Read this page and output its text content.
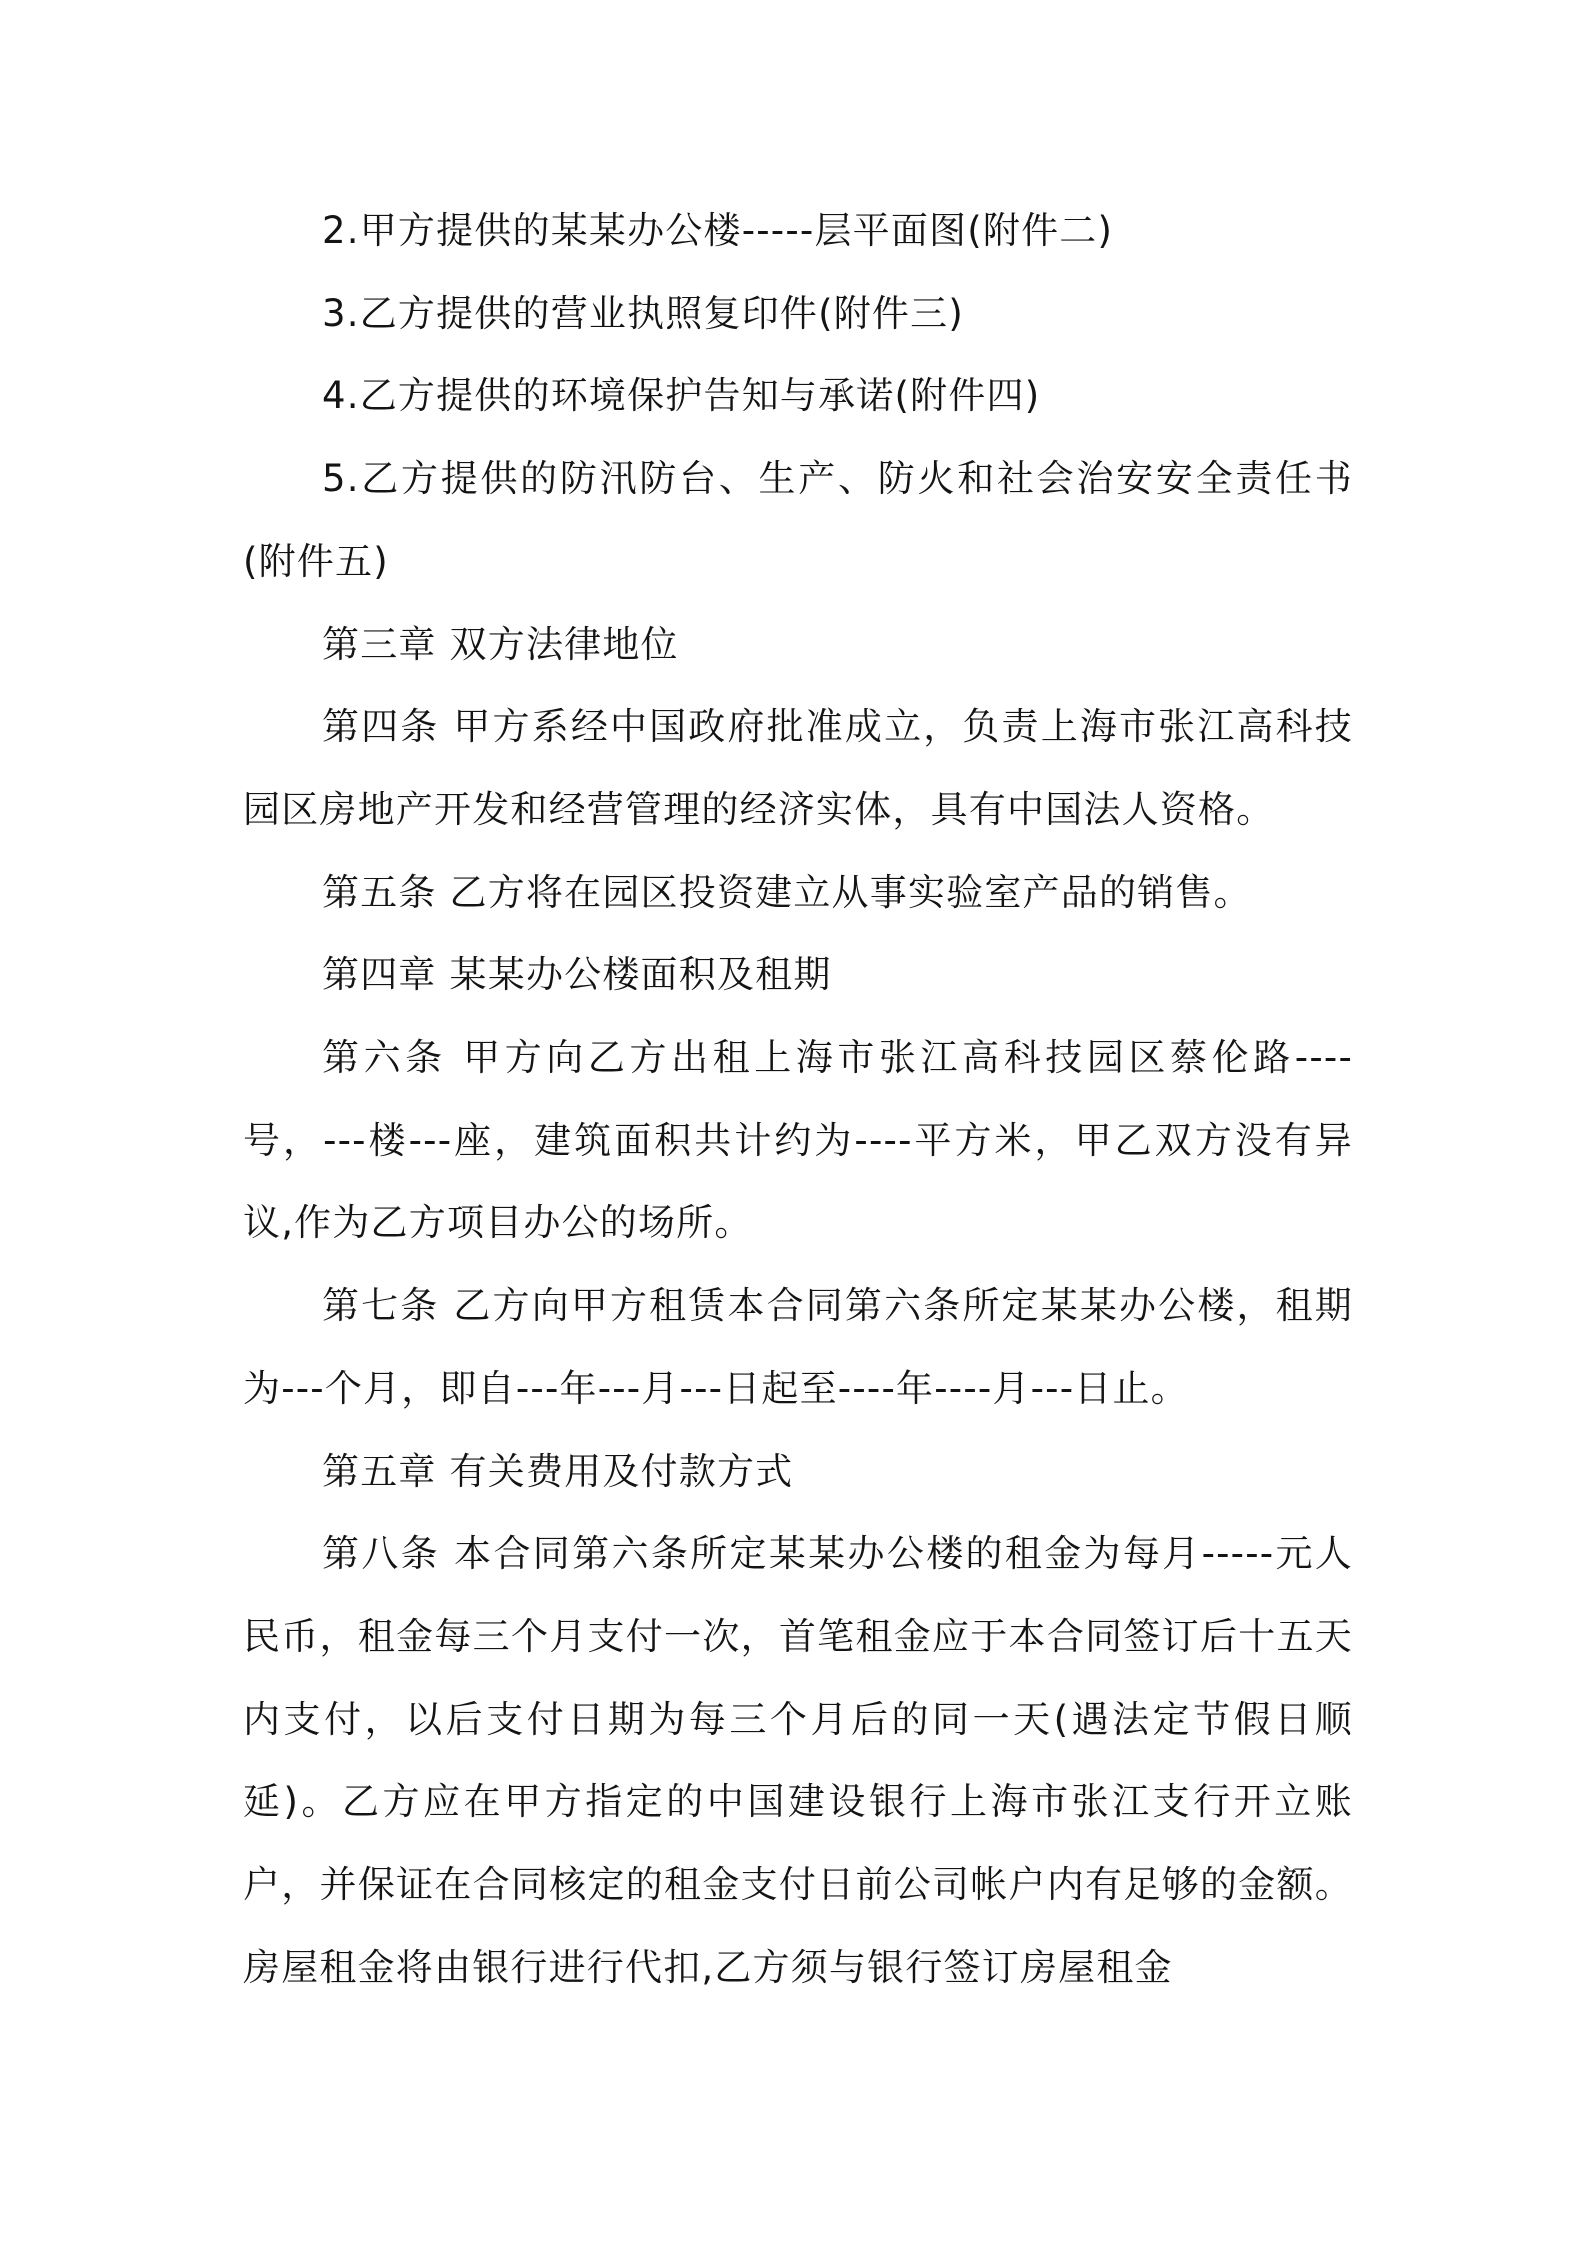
2.甲方提供的某某办公楼-----层平面图(附件二)

3.乙方提供的营业执照复印件(附件三)

4.乙方提供的环境保护告知与承诺(附件四)

5.乙方提供的防汛防台、生产、防火和社会治安安全责任书(附件五)

第三章 双方法律地位

第四条 甲方系经中国政府批准成立，负责上海市张江高科技园区房地产开发和经营管理的经济实体，具有中国法人资格。

第五条 乙方将在园区投资建立从事实验室产品的销售。

第四章 某某办公楼面积及租期

第六条 甲方向乙方出租上海市张江高科技园区蔡伦路----号，---楼---座，建筑面积共计约为----平方米，甲乙双方没有异议,作为乙方项目办公的场所。

第七条 乙方向甲方租赁本合同第六条所定某某办公楼，租期为---个月，即自---年---月---日起至----年----月---日止。

第五章 有关费用及付款方式

第八条 本合同第六条所定某某办公楼的租金为每月-----元人民币，租金每三个月支付一次，首笔租金应于本合同签订后十五天内支付，以后支付日期为每三个月后的同一天(遇法定节假日顺延)。乙方应在甲方指定的中国建设银行上海市张江支行开立账户，并保证在合同核定的租金支付日前公司帐户内有足够的金额。房屋租金将由银行进行代扣,乙方须与银行签订房屋租金
